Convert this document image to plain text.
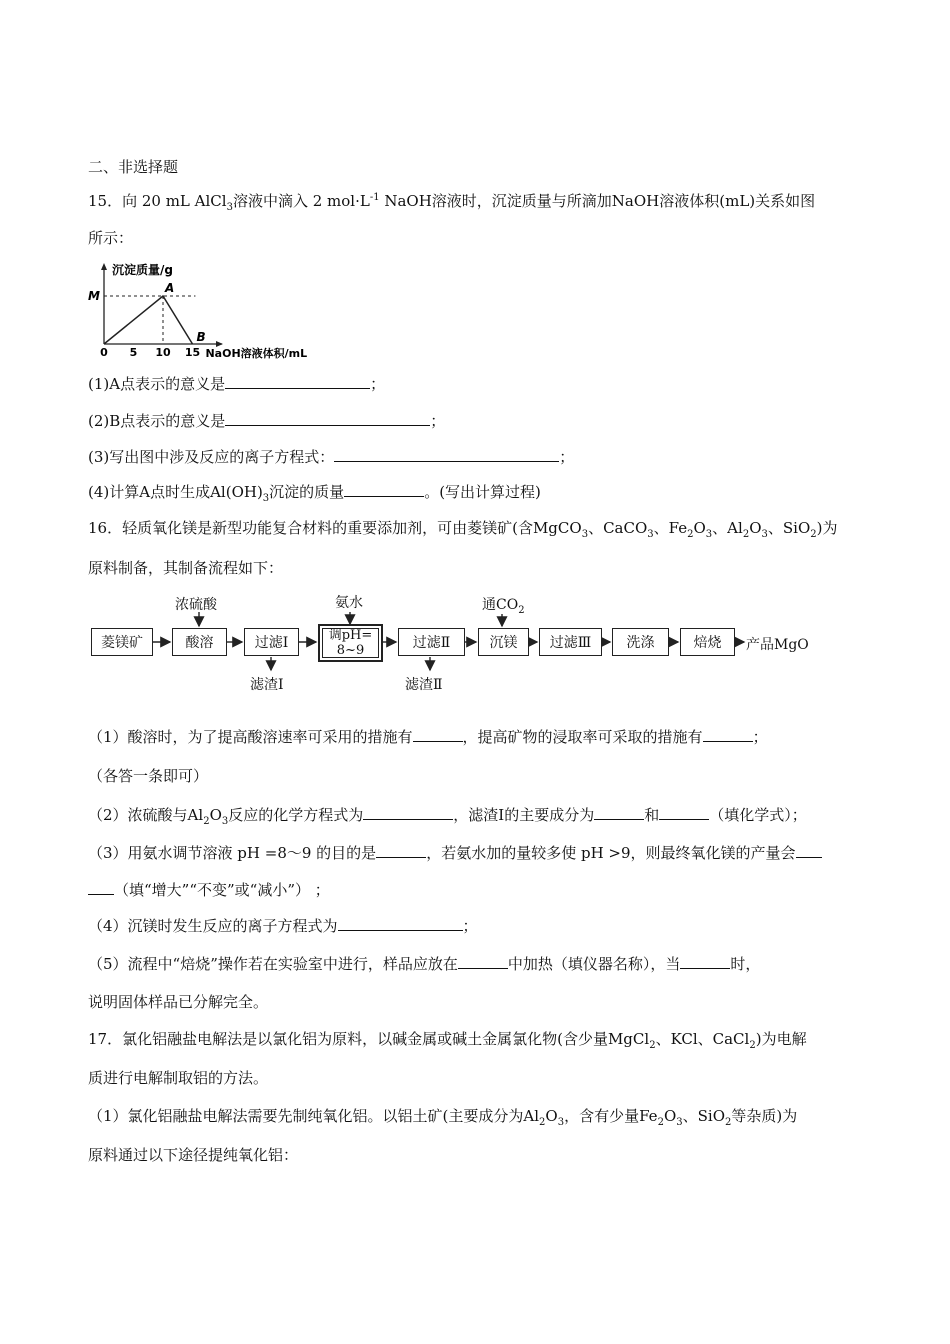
二、非选择题
15．向 20 mL AlCl$_3$溶液中滴入 2 $mol\cdot L^{-1}$ NaOH溶液时，沉淀质量与所滴加NaOH溶液体积(mL)关系如图
所示：
沉淀质量/g
M
A
B
0 5 10 15 NaOH溶液体积/mL
(1)A点表示的意义是	；
(2)B点表示的意义是	；
(3)写出图中涉及反应的离子方程式：	；
(4)计算A点时生成$Al(OH)_3$沉淀的质量	。(写出计算过程)
16．轻质氧化镁是新型功能复合材料的重要添加剂，可由菱镁矿(含MgCO$_3$、CaCO$_3$、$Fe_2O_3$、$Al_2O_3$、SiO$_2$)为
原料制备，其制备流程如下：
菱镁矿	酸溶	过滤Ⅰ	调pH=
8~9	过滤Ⅱ	沉镁	过滤Ⅲ	洗涤	焙烧	产品MgO
浓硫酸	氨水	通$CO_2$
滤渣Ⅰ	滤渣Ⅱ
（1）酸溶时，为了提高酸溶速率可采用的措施有	，提高矿物的浸取率可采取的措施有	；
（各答一条即可）
（2）浓硫酸与$Al_2O_3$反应的化学方程式为	，滤渣Ⅰ的主要成分为	和	（填化学式）；
（3）用氨水调节溶液 pH =8～9 的目的是	，若氨水加的量较多使 pH >9，则最终氧化镁的产量会
（填“增大”“不变”或“减小”） ；
（4）沉镁时发生反应的离子方程式为	；
（5）流程中“焙烧”操作若在实验室中进行，样品应放在	中加热（填仪器名称），当	时，
说明固体样品已分解完全。
17．氯化铝融盐电解法是以氯化铝为原料，以碱金属或碱土金属氯化物(含少量MgCl$_2$、KCl、CaCl$_2$)为电解
质进行电解制取铝的方法。
（1）氯化铝融盐电解法需要先制纯氧化铝。以铝土矿(主要成分为$Al_2O_3$，含有少量$Fe_2O_3$、SiO$_2$等杂质)为
原料通过以下途径提纯氧化铝：
